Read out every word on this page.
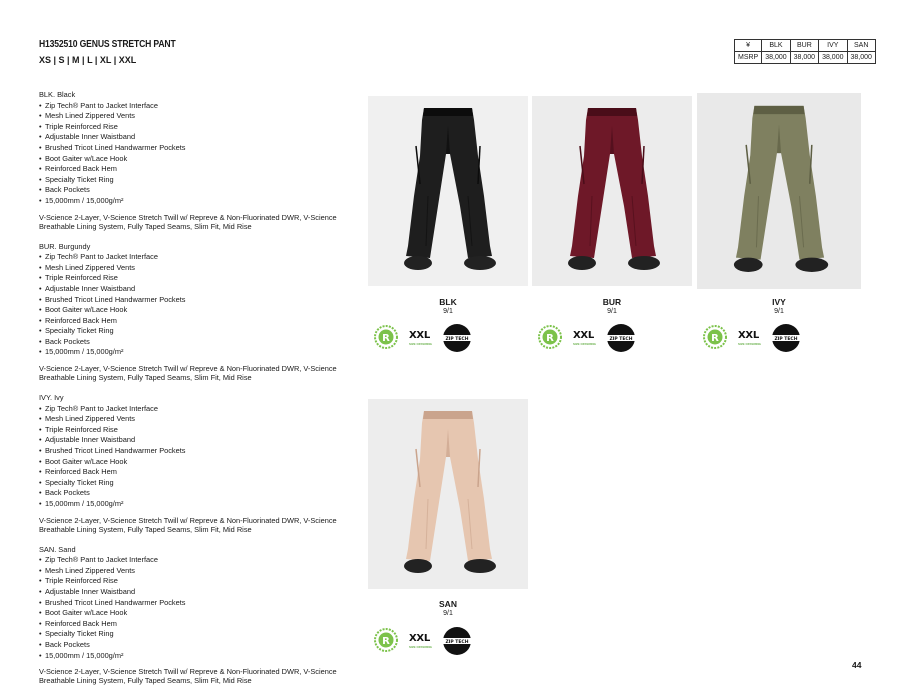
H1352510 GENUS STRETCH PANT
XS | S | M | L | XL | XXL
¥	BLK	BUR	IVY	SAN
MSRP	38,000	38,000	38,000	38,000
BLK. Black
• Zip Tech® Pant to Jacket Interface
• Mesh Lined Zippered Vents
• Triple Reinforced Rise
• Adjustable Inner Waistband
• Brushed Tricot Lined Handwarmer Pockets
• Boot Gaiter w/Lace Hook
• Reinforced Back Hem
• Specialty Ticket Ring
• Back Pockets
• 15,000mm / 15,000g/m²
V-Science 2-Layer, V-Science Stretch Twill w/ Repreve & Non-Fluorinated DWR, V-Science Breathable Lining System, Fully Taped Seams, Slim Fit, Mid Rise
BUR. Burgundy
• Zip Tech® Pant to Jacket Interface
• Mesh Lined Zippered Vents
• Triple Reinforced Rise
• Adjustable Inner Waistband
• Brushed Tricot Lined Handwarmer Pockets
• Boot Gaiter w/Lace Hook
• Reinforced Back Hem
• Specialty Ticket Ring
• Back Pockets
• 15,000mm / 15,000g/m²
V-Science 2-Layer, V-Science Stretch Twill w/ Repreve & Non-Fluorinated DWR, V-Science Breathable Lining System, Fully Taped Seams, Slim Fit, Mid Rise
IVY. Ivy
• Zip Tech® Pant to Jacket Interface
• Mesh Lined Zippered Vents
• Triple Reinforced Rise
• Adjustable Inner Waistband
• Brushed Tricot Lined Handwarmer Pockets
• Boot Gaiter w/Lace Hook
• Reinforced Back Hem
• Specialty Ticket Ring
• Back Pockets
• 15,000mm / 15,000g/m²
V-Science 2-Layer, V-Science Stretch Twill w/ Repreve & Non-Fluorinated DWR, V-Science Breathable Lining System, Fully Taped Seams, Slim Fit, Mid Rise
SAN. Sand
• Zip Tech® Pant to Jacket Interface
• Mesh Lined Zippered Vents
• Triple Reinforced Rise
• Adjustable Inner Waistband
• Brushed Tricot Lined Handwarmer Pockets
• Boot Gaiter w/Lace Hook
• Reinforced Back Hem
• Specialty Ticket Ring
• Back Pockets
• 15,000mm / 15,000g/m²
V-Science 2-Layer, V-Science Stretch Twill w/ Repreve & Non-Fluorinated DWR, V-Science Breathable Lining System, Fully Taped Seams, Slim Fit, Mid Rise
BLK
9/1
R XXL
SIZE OFFERING
ZIP TECH
BUR
9/1
R XXL
SIZE OFFERING
ZIP TECH
IVY
9/1
R XXL
SIZE OFFERING
ZIP TECH
SAN
9/1
R XXL
SIZE OFFERING
ZIP TECH
44
